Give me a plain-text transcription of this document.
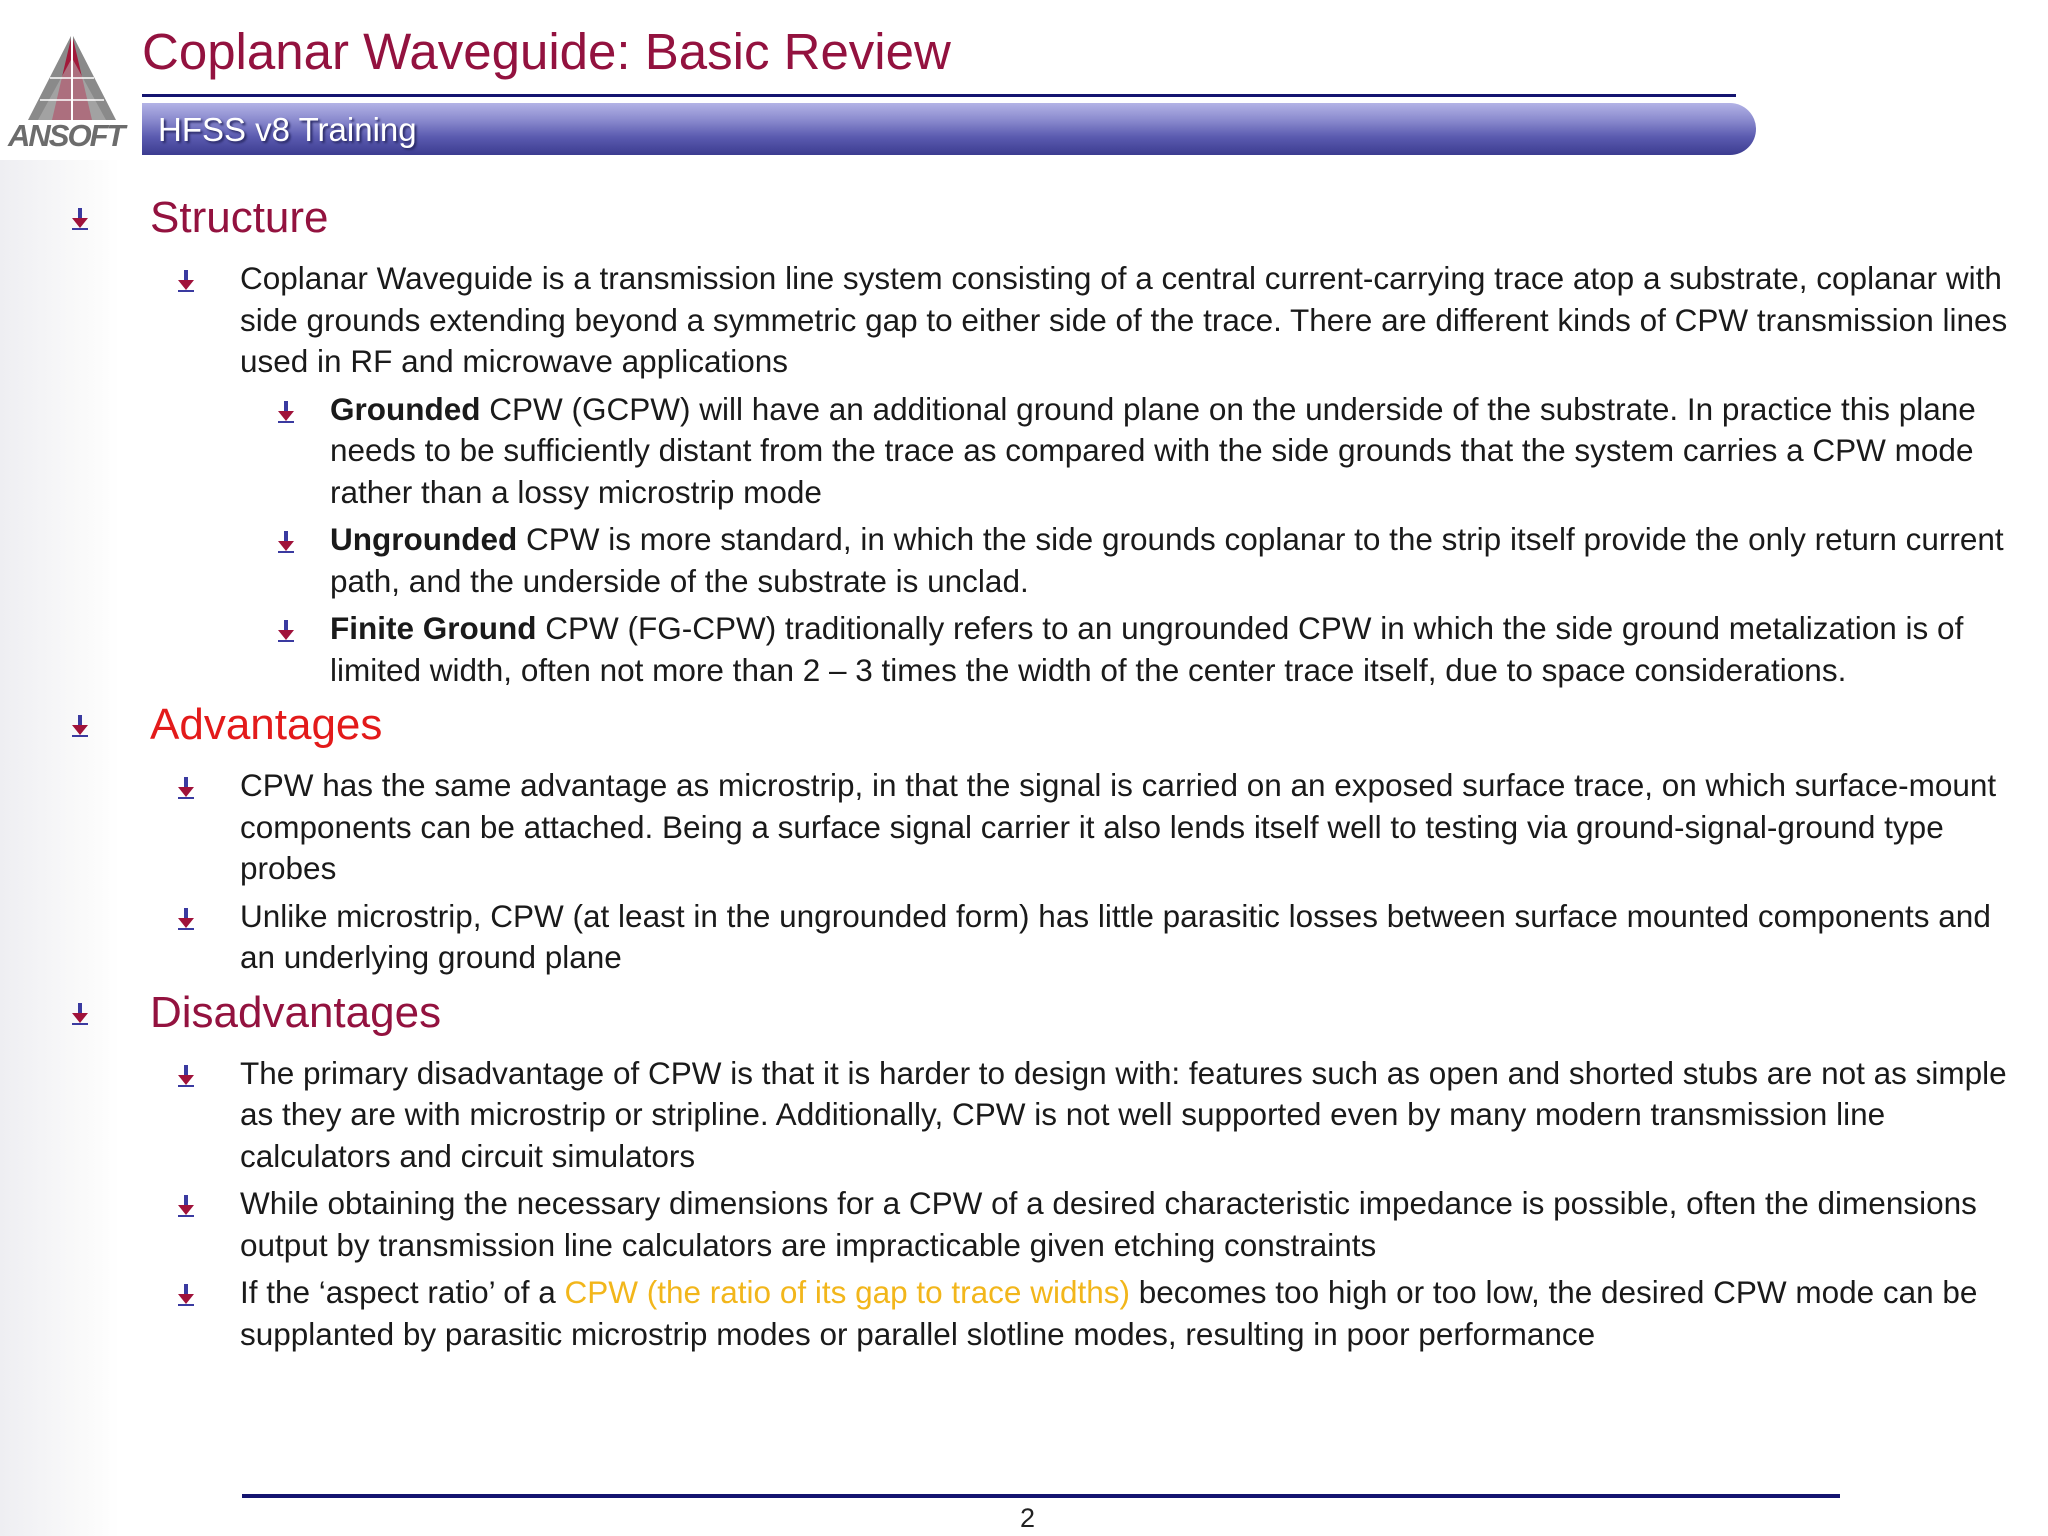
ANSOFT
Coplanar Waveguide: Basic Review
HFSS v8 Training
Structure
Coplanar Waveguide is a transmission line system consisting of a central current-carrying trace atop a substrate, coplanar with side grounds extending beyond a symmetric gap to either side of the trace. There are different kinds of CPW transmission lines used in RF and microwave applications
Grounded CPW (GCPW) will have an additional ground plane on the underside of the substrate. In practice this plane needs to be sufficiently distant from the trace as compared with the side grounds that the system carries a CPW mode rather than a lossy microstrip mode
Ungrounded CPW is more standard, in which the side grounds coplanar to the strip itself provide the only return current path, and the underside of the substrate is unclad.
Finite Ground CPW (FG-CPW) traditionally refers to an ungrounded CPW in which the side ground metalization is of limited width, often not more than 2 – 3 times the width of the center trace itself, due to space considerations.
Advantages
CPW has the same advantage as microstrip, in that the signal is carried on an exposed surface trace, on which surface-mount components can be attached. Being a surface signal carrier it also lends itself well to testing via ground-signal-ground type probes
Unlike microstrip, CPW (at least in the ungrounded form) has little parasitic losses between surface mounted components and an underlying ground plane
Disadvantages
The primary disadvantage of CPW is that it is harder to design with: features such as open and shorted stubs are not as simple as they are with microstrip or stripline. Additionally, CPW is not well supported even by many modern transmission line calculators and circuit simulators
While obtaining the necessary dimensions for a CPW of a desired characteristic impedance is possible, often the dimensions output by transmission line calculators are impracticable given etching constraints
If the ‘aspect ratio’ of a CPW (the ratio of its gap to trace widths) becomes too high or too low, the desired CPW mode can be supplanted by parasitic microstrip modes or parallel slotline modes, resulting in poor performance
2
